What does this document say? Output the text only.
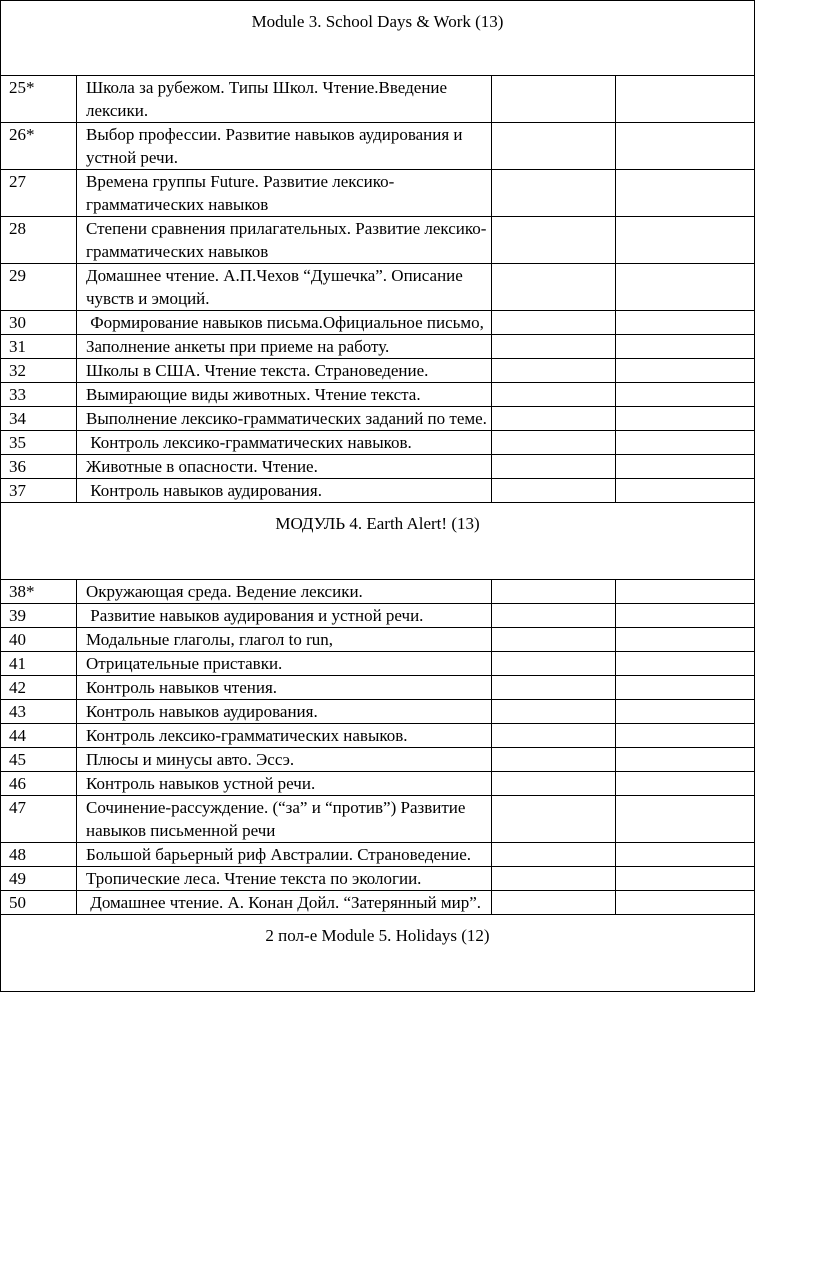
Module 3. School Days & Work (13)			
25*	Школа за рубежом. Типы Школ. Чтение.Введение лексики.		
26*	Выбор профессии. Развитие навыков аудирования и устной речи.		
27	Времена группы Future. Развитие лексико-грамматических навыков		
28	Степени сравнения прилагательных. Развитие лексико-грамматических навыков		
29	Домашнее чтение. А.П.Чехов “Душечка”. Описание чувств и эмоций.		
30	Формирование навыков письма.Официальное письмо,		
31	Заполнение анкеты при приеме на работу.		
32	Школы в США. Чтение текста. Страноведение.		
33	Вымирающие виды животных. Чтение текста.		
34	Выполнение лексико-грамматических заданий по теме.		
35	Контроль лексико-грамматических навыков.		
36	Животные в опасности. Чтение.		
37	Контроль навыков аудирования.		
МОДУЛЬ 4. Earth Alert! (13)			
38*	Окружающая среда. Ведение лексики.		
39	Развитие навыков аудирования и устной речи.		
40	Модальные глаголы, глагол to run,		
41	Отрицательные приставки.		
42	Контроль навыков чтения.		
43	Контроль навыков аудирования.		
44	Контроль лексико-грамматических навыков.		
45	Плюсы и минусы авто. Эссэ.		
46	Контроль навыков устной речи.		
47	Сочинение-рассуждение. (“за” и “против”) Развитие навыков письменной речи		
48	Большой барьерный риф Австралии. Страноведение.		
49	Тропические леса. Чтение текста по экологии.		
50	Домашнее чтение. А. Конан Дойл. “Затерянный мир”.		
2 пол-е Module 5. Holidays (12)			
